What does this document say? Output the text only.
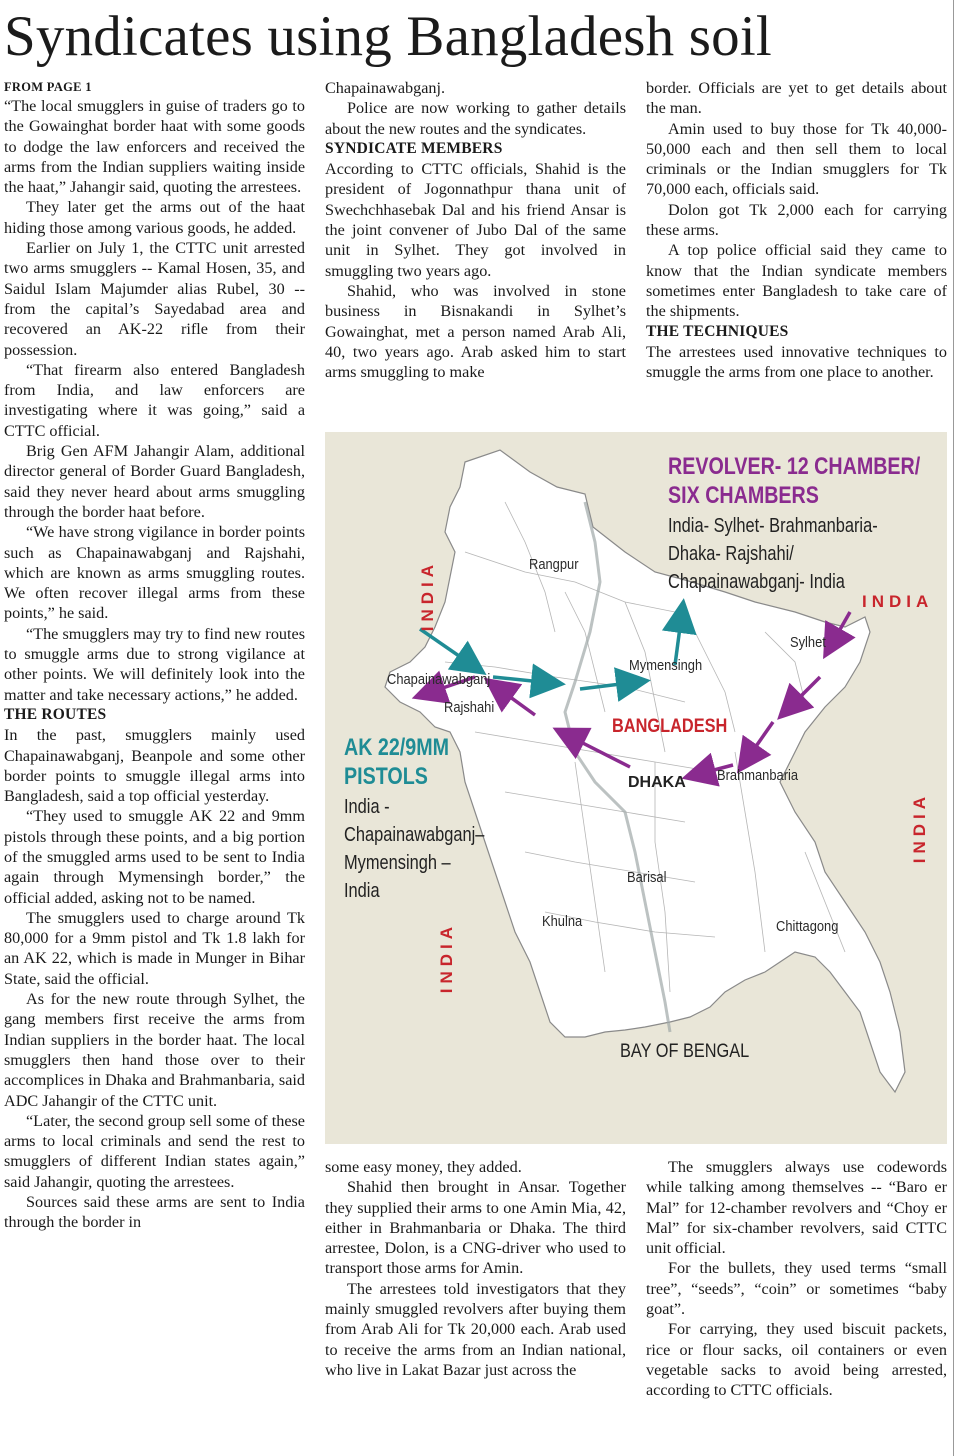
Syndicates using Bangladesh soil
FROM PAGE 1

“The local smugglers in guise of traders go to the Gowainghat border haat with some goods to dodge the law enforcers and received the arms from the Indian suppliers waiting inside the haat,” Jahangir said, quoting the arrestees.

They later get the arms out of the haat hiding those among various goods, he added.

Earlier on July 1, the CTTC unit arrested two arms smugglers -- Kamal Hosen, 35, and Saidul Islam Majumder alias Rubel, 30 -- from the capital’s Sayedabad area and recovered an AK-22 rifle from their possession.

“That firearm also entered Bangladesh from India, and law enforcers are investigating where it was going,” said a CTTC official.

Brig Gen AFM Jahangir Alam, additional director general of Border Guard Bangladesh, said they never heard about arms smuggling through the border haat before.

“We have strong vigilance in border points such as Chapainawabganj and Rajshahi, which are known as arms smuggling routes. We often recover illegal arms from these points,” he said.

“The smugglers may try to find new routes to smuggle arms due to strong vigilance at other points. We will definitely look into the matter and take necessary actions,” he added.

THE ROUTES

In the past, smugglers mainly used Chapainawabganj, Beanpole and some other border points to smuggle illegal arms into Bangladesh, said a top official yesterday.

“They used to smuggle AK 22 and 9mm pistols through these points, and a big portion of the smuggled arms used to be sent to India again through Mymensingh border,” the official added, asking not to be named.

The smugglers used to charge around Tk 80,000 for a 9mm pistol and Tk 1.8 lakh for an AK 22, which is made in Munger in Bihar State, said the official.

As for the new route through Sylhet, the gang members first receive the arms from Indian suppliers in the border haat. The local smugglers then hand those over to their accomplices in Dhaka and Brahmanbaria, said ADC Jahangir of the CTTC unit.

“Later, the second group sell some of these arms to local criminals and send the rest to smugglers of different Indian states again,” said Jahangir, quoting the arrestees.

Sources said these arms are sent to India through the border in

Chapainawabganj.

Police are now working to gather details about the new routes and the syndicates.

SYNDICATE MEMBERS

According to CTTC officials, Shahid is the president of Jogonnathpur thana unit of Swechchhasebak Dal and his friend Ansar is the joint convener of Jubo Dal of the same unit in Sylhet. They got involved in smuggling two years ago.

Shahid, who was involved in stone business in Bisnakandi in Sylhet’s Gowainghat, met a person named Arab Ali, 40, two years ago. Arab asked him to start arms smuggling to make

border. Officials are yet to get details about the man.

Amin used to buy those for Tk 40,000-50,000 each and then sell them to local criminals or the Indian smugglers for Tk 70,000 each, officials said.

Dolon got Tk 2,000 each for carrying these arms.

A top police official said they came to know that the Indian syndicate members sometimes enter Bangladesh to take care of the shipments.

THE TECHNIQUES

The arrestees used innovative techniques to smuggle the arms from one place to another.

REVOLVER- 12 CHAMBER/
SIX CHAMBERS
India- Sylhet- Brahmanbaria-
Dhaka- Rajshahi/
Chapainawabganj- India
AK 22/9MM
PISTOLS
India -
Chapainawabganj–
Mymensingh –
India
INDIA	INDIA
INDIA
INDIA
Rangpur
Chapainawabganj
Rajshahi
Mymensingh
Sylhet
Brahmanbaria
Barisal
Khulna	Chittagong
BANGLADESH
DHAKA
BAY OF BENGAL

some easy money, they added.

Shahid then brought in Ansar. Together they supplied their arms to one Amin Mia, 42, either in Brahmanbaria or Dhaka. The third arrestee, Dolon, is a CNG-driver who used to transport those arms for Amin.

The arrestees told investigators that they mainly smuggled revolvers after buying them from Arab Ali for Tk 20,000 each. Arab used to receive the arms from an Indian national, who live in Lakat Bazar just across the

The smugglers always use codewords while talking among themselves -- “Baro er Mal” for 12-chamber revolvers and “Choy er Mal” for six-chamber revolvers, said CTTC unit official.

For the bullets, they used terms “small tree”, “seeds”, “coin” or sometimes “baby goat”.

For carrying, they used biscuit packets, rice or flour sacks, oil containers or even vegetable sacks to avoid being arrested, according to CTTC officials.
